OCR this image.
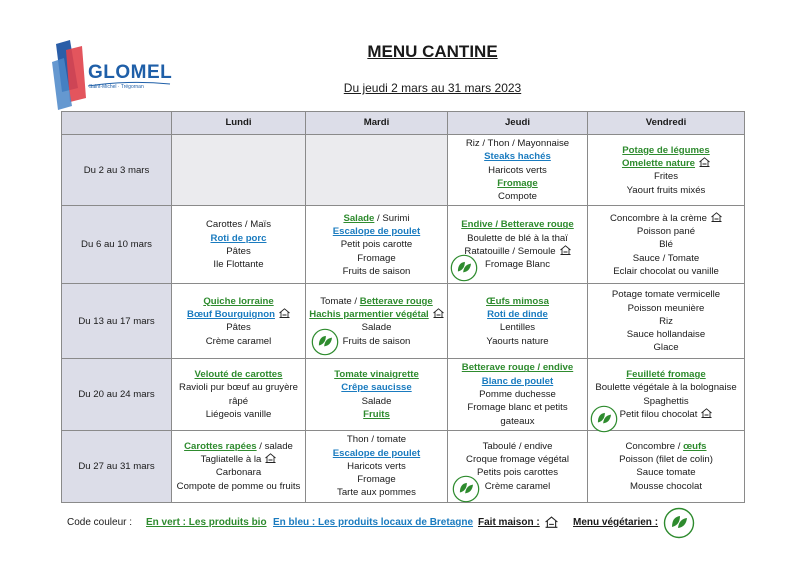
GLOMEL
Saint-Michel · Trégornan
MENU CANTINE
Du jeudi 2 mars au 31 mars 2023
	Lundi	Mardi	Jeudi	Vendredi
Du 2 au 3 mars			Riz / Thon / Mayonnaise
Steaks hachés
Haricots verts
Fromage
Compote	Potage de légumes
Omelette nature
Frites
Yaourt fruits mixés

Du 6 au 10 mars	Carottes / Maïs
Roti de porc
Pâtes
Ile Flottante	Salade / Surimi
Escalope de poulet
Petit pois carotte
Fromage
Fruits de saison	Endive / Betterave rouge
Boulette de blé à la thaï
Ratatouille / Semoule
Fromage Blanc	Concombre à la crème
Poisson pané
Blé
Sauce / Tomate
Eclair chocolat ou vanille

Du 13 au 17 mars	Quiche lorraine
Bœuf Bourguignon
Pâtes
Crème caramel	Tomate / Betterave rouge
Hachis parmentier végétal
Salade
Fruits de saison	Œufs mimosa
Roti de dinde
Lentilles
Yaourts nature	Potage tomate vermicelle
Poisson meunière
Riz
Sauce hollandaise
Glace

Du 20 au 24 mars	Velouté de carottes
Ravioli pur bœuf au gruyère
râpé
Liégeois vanille	Tomate vinaigrette
Crêpe saucisse
Salade
Fruits	Betterave rouge / endive
Blanc de poulet
Pomme duchesse
Fromage blanc et petits
gateaux	Feuilleté fromage
Boulette végétale à la bolognaise
Spaghettis
Petit filou chocolat

Du 27 au 31 mars	Carottes rapées / salade
Tagliatelle à la
Carbonara
Compote de pomme ou fruits	Thon / tomate
Escalope de poulet
Haricots verts
Fromage
Tarte aux pommes	Taboulé / endive
Croque fromage végétal
Petits pois carottes
Crème caramel	Concombre / œufs
Poisson (filet de colin)
Sauce tomate
Mousse chocolat
Code couleur : En vert : Les produits bio En bleu : Les produits locaux de Bretagne Fait maison :	Menu végétarien :
